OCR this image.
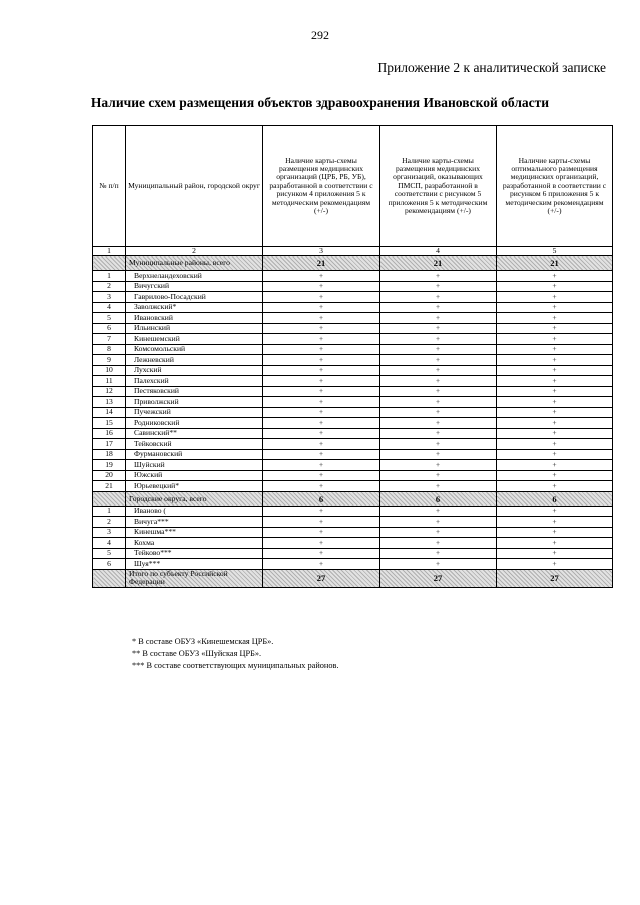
292
Приложение 2 к аналитической записке
Наличие схем размещения объектов здравоохранения Ивановской области
№ п/п	Муниципальный район, городской округ	Наличие карты-схемы размещения медицинских организаций (ЦРБ, РБ, УБ), разработанной в соответствии с рисунком 4 приложения 5 к методическим рекомендациям (+/-)	Наличие карты-схемы размещения медицинских организаций, оказывающих ПМСП, разработанной в соответствии с рисунком 5 приложения 5 к методическим рекомендациям (+/-)	Наличие карты-схемы оптимального размещения медицинских организаций, разработанной в соответствии с рисунком 6 приложения 5 к методическим рекомендациям (+/-)
1	2	3	4	5
	Муниципальные районы, всего	21	21	21
1	Верхнеландеховский	+	+	+
2	Вичугский	+	+	+
3	Гаврилово-Посадский	+	+	+
4	Заволжский*	+	+	+
5	Ивановский	+	+	+
6	Ильинский	+	+	+
7	Кинешемский	+	+	+
8	Комсомольский	+	+	+
9	Лежневский	+	+	+
10	Лухский	+	+	+
11	Палехский	+	+	+
12	Пестяковский	+	+	+
13	Приволжский	+	+	+
14	Пучежский	+	+	+
15	Родниковский	+	+	+
16	Савинский**	+	+	+
17	Тейковский	+	+	+
18	Фурмановский	+	+	+
19	Шуйский	+	+	+
20	Южский	+	+	+
21	Юрьевецкий*	+	+	+
	Городские округа, всего	6	6	6
1	Иваново (	+	+	+
2	Вичуга***	+	+	+
3	Кинешма***	+	+	+
4	Кохма	+	+	+
5	Тейково***	+	+	+
6	Шуя***	+	+	+
	Итого по субъекту Российской Федерации	27	27	27
* В составе ОБУЗ «Кинешемская ЦРБ».
** В составе ОБУЗ «Шуйская ЦРБ».
*** В составе соответствующих муниципальных районов.
